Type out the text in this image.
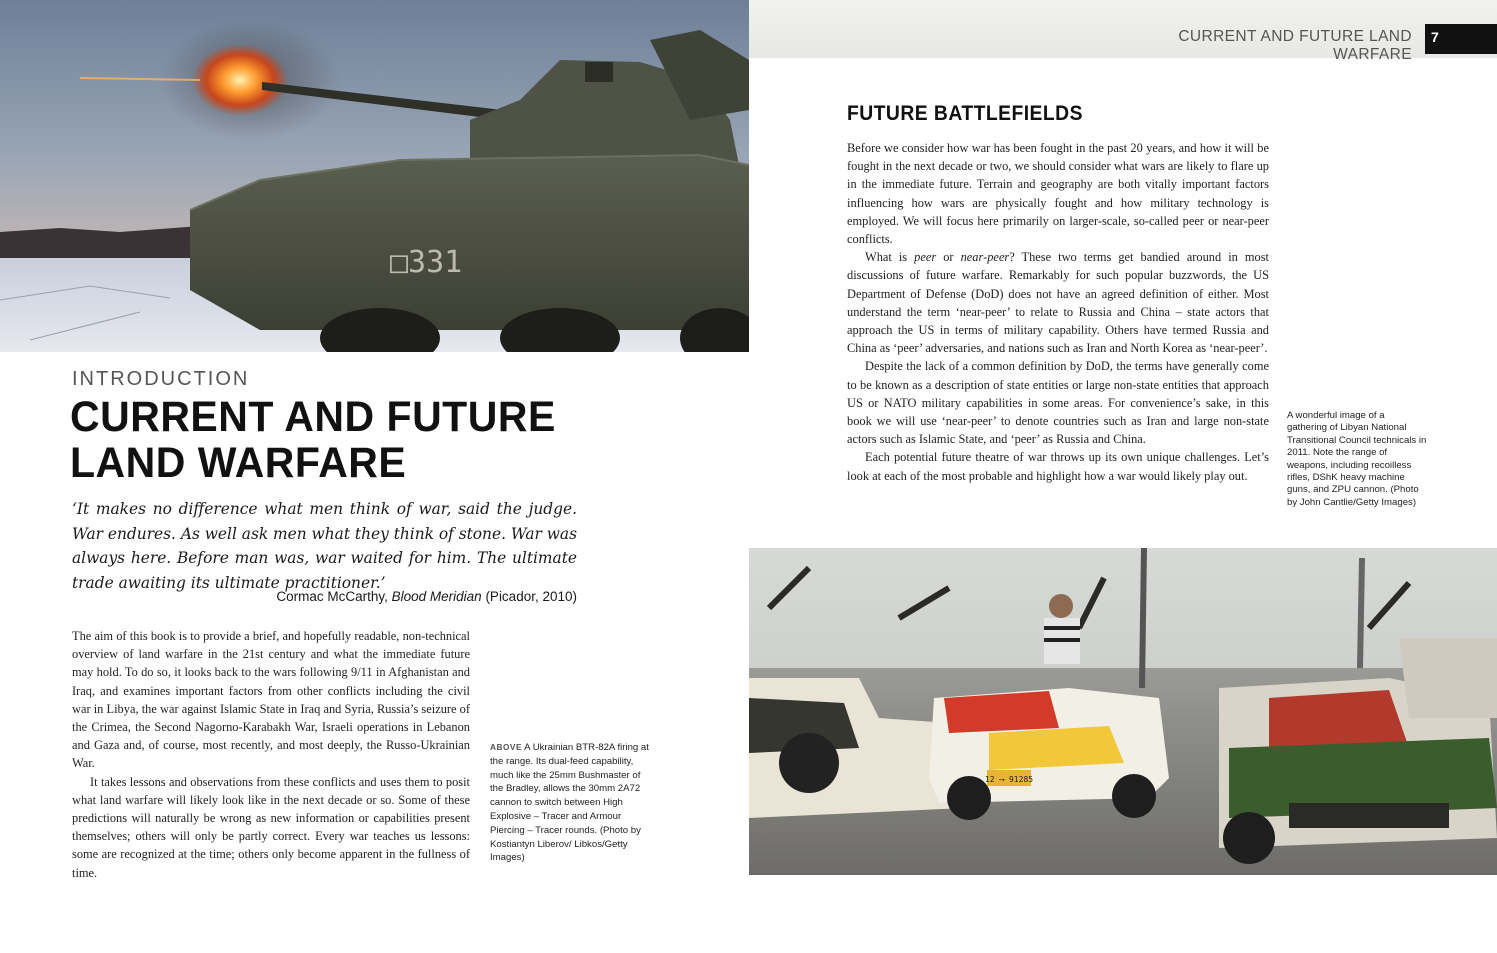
□331
INTRODUCTION
CURRENT AND FUTURE
LAND WARFARE

‘It makes no difference what men think of war, said the judge. War endures. As well ask men what they think of stone. War was always here. Before man was, war waited for him. The ultimate trade awaiting its ultimate practitioner.’

Cormac McCarthy, Blood Meridian (Picador, 2010)

The aim of this book is to provide a brief, and hopefully readable, non-technical overview of land warfare in the 21st century and what the immediate future may hold. To do so, it looks back to the wars following 9/11 in Afghanistan and Iraq, and examines important factors from other conflicts including the civil war in Libya, the war against Islamic State in Iraq and Syria, Russia’s seizure of the Crimea, the Second Nagorno-Karabakh War, Israeli operations in Lebanon and Gaza and, of course, most recently, and most deeply, the Russo-Ukrainian War.

It takes lessons and observations from these conflicts and uses them to posit what land warfare will likely look like in the next decade or so. Some of these predictions will naturally be wrong as new information or capabilities present themselves; others will only be partly correct. Every war teaches us lessons: some are recognized at the time; others only become apparent in the fullness of time.

ABOVE A Ukrainian BTR-82A firing at the range. Its dual-feed capability, much like the 25mm Bushmaster of the Bradley, allows the 30mm 2A72 cannon to switch between High Explosive – Tracer and Armour Piercing – Tracer rounds. (Photo by Kostiantyn Liberov/ Libkos/Getty Images)
CURRENT AND FUTURE LAND WARFARE
7
FUTURE BATTLEFIELDS

Before we consider how war has been fought in the past 20 years, and how it will be fought in the next decade or two, we should consider what wars are likely to flare up in the immediate future. Terrain and geography are both vitally important factors influencing how wars are physically fought and how military technology is employed. We will focus here primarily on larger-scale, so-called peer or near-peer conflicts.

What is peer or near-peer? These two terms get bandied around in most discussions of future warfare. Remarkably for such popular buzzwords, the US Department of Defense (DoD) does not have an agreed definition of either. Most understand the term ‘near-peer’ to relate to Russia and China – state actors that approach the US in terms of military capability. Others have termed Russia and China as ‘peer’ adversaries, and nations such as Iran and North Korea as ‘near-peer’.

Despite the lack of a common definition by DoD, the terms have generally come to be known as a description of state entities or large non-state entities that approach US or NATO military capabilities in some areas. For convenience’s sake, in this book we will use ‘near-peer’ to denote countries such as Iran and large non-state actors such as Islamic State, and ‘peer’ as Russia and China.

Each potential future theatre of war throws up its own unique challenges. Let’s look at each of the most probable and highlight how a war would likely play out.

A wonderful image of a gathering of Libyan National Transitional Council technicals in 2011. Note the range of weapons, including recoilless rifles, DShK heavy machine guns, and ZPU cannon. (Photo by John Cantlie/Getty Images)
12 ⟶ 91285
